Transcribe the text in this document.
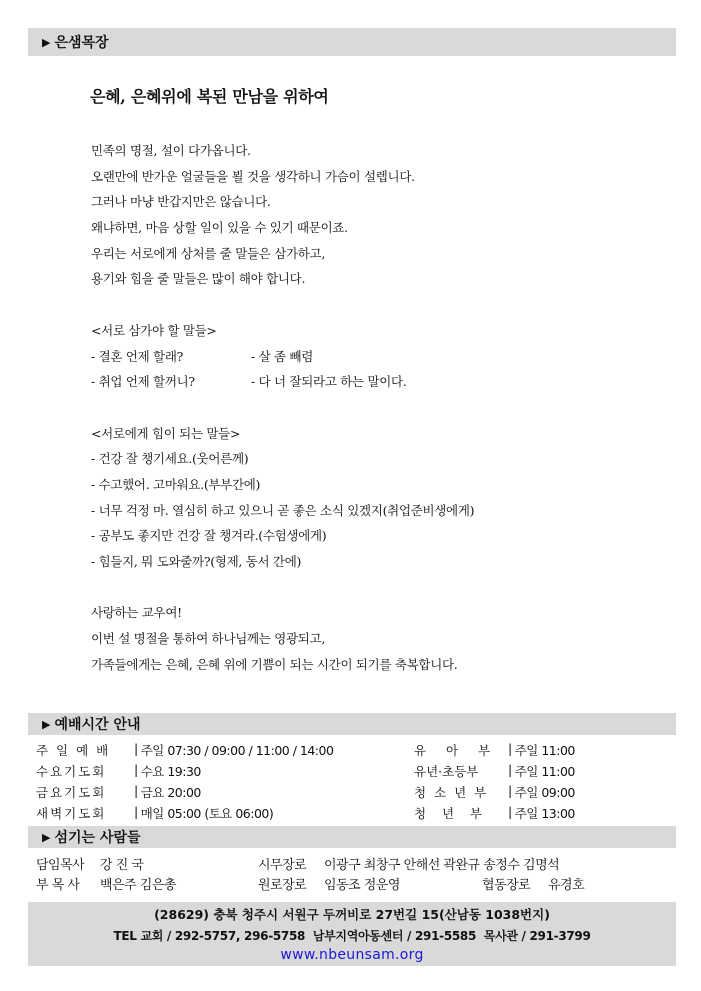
▶ 은샘목장
은혜, 은혜위에 복된 만남을 위하여
민족의 명절, 설이 다가옵니다.
오랜만에 반가운 얼굴들을 뵐 것을 생각하니 가슴이 설렙니다.
그러나 마냥 반갑지만은 않습니다.
왜냐하면, 마음 상할 일이 있을 수 있기 때문이죠.
우리는 서로에게 상처를 줄 말들은 삼가하고,
용기와 힘을 줄 말들은 많이 해야 합니다.
<서로 삼가야 할 말들>
- 결혼 언제 할래?	- 살 좀 빼렴
- 취업 언제 할꺼니?	- 다 너 잘되라고 하는 말이다.
<서로에게 힘이 되는 말들>
- 건강 잘 챙기세요.(웃어른께)
- 수고했어. 고마워요.(부부간에)
- 너무 걱정 마. 열심히 하고 있으니 곧 좋은 소식 있겠지(취업준비생에게)
- 공부도 좋지만 건강 잘 챙겨라.(수험생에게)
- 힘들지, 뭐 도와줄까?(형제, 동서 간에)
사랑하는 교우여!
이번 설 명절을 통하여 하나님께는 영광되고,
가족들에게는 은혜, 은혜 위에 기쁨이 되는 시간이 되기를 축복합니다.
▶ 예배시간 안내
주 일 예 배	| 주일 07:30 / 09:00 / 11:00 / 14:00	유   아   부	| 주일 11:00
수요기도회	| 수요 19:30	유년·초등부	| 주일 11:00
금요기도회	| 금요 20:00	청 소 년 부	| 주일 09:00
새벽기도회	| 매일 05:00 (토요 06:00)	청    년    부	| 주일 13:00
▶ 섬기는 사람들
담임목사	강 진 국	시무장로	이광구 최창구 안해선 곽완규 송정수 김명석
부 목 사	백은주 김은총	원로장로	임동조 정운영	협동장로	유경호
(28629) 충북 청주시 서원구 두꺼비로 27번길 15(산남동 1038번지)
TEL 교회 / 292-5757, 296-5758  남부지역아동센터 / 291-5585  목사관 / 291-3799
www.nbeunsam.org
